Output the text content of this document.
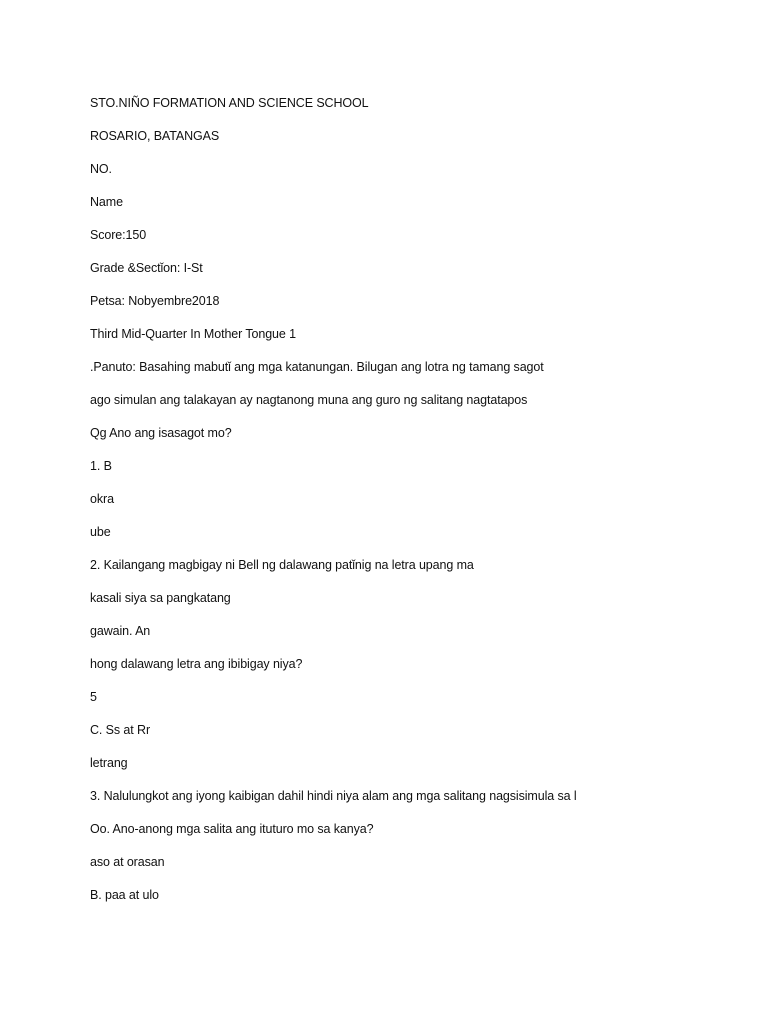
STO.NIÑO FORMATION AND SCIENCE SCHOOL

ROSARIO, BATANGAS

NO.

Name

Score:150

Grade &Sectǐon: I-St

Petsa: Nobyembre2018

Third Mid-Quarter In Mother Tongue 1

.Panuto: Basahing mabutǐ ang mga katanungan. Bilugan ang lotra ng tamang sagot

ago simulan ang talakayan ay nagtanong muna ang guro ng salitang nagtatapos

Qg Ano ang isasagot mo?

1. B

okra

ube

2. Kailangang magbigay ni Bell ng dalawang patǐnig na letra upang ma

kasali siya sa pangkatang

gawain. An

hong dalawang letra ang ibibigay niya?

5

C. Ss at Rr

letrang

3. Nalulungkot ang iyong kaibigan dahil hindi niya alam ang mga salitang nagsisimula sa l

Oo. Ano-anong mga salita ang ituturo mo sa kanya?

aso at orasan

B. paa at ulo
